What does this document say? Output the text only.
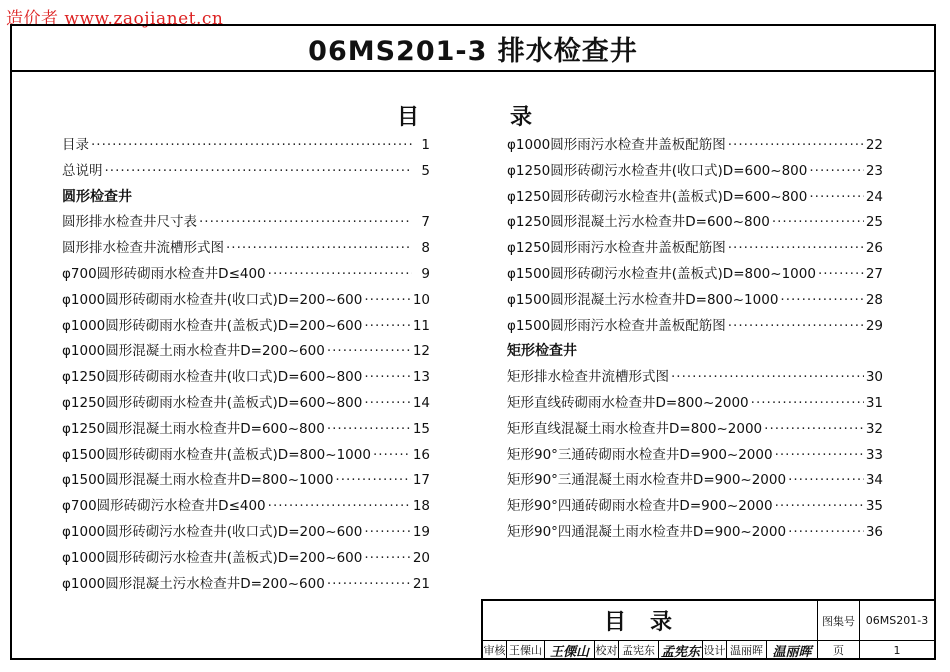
造价者 www.zaojianet.cn
06MS201-3 排水检查井
目	录
目录 ·····	1
总说明 ·····	5
圆形检查井
圆形排水检查井尺寸表 ·····	7
圆形排水检查井流槽形式图 ·····	8
φ700圆形砖砌雨水检查井D≤400 ·····	9
φ1000圆形砖砌雨水检查井(收口式)D=200~600 ·····	10
φ1000圆形砖砌雨水检查井(盖板式)D=200~600 ·····	11
φ1000圆形混凝土雨水检查井D=200~600 ·····	12
φ1250圆形砖砌雨水检查井(收口式)D=600~800 ·····	13
φ1250圆形砖砌雨水检查井(盖板式)D=600~800 ·····	14
φ1250圆形混凝土雨水检查井D=600~800 ·····	15
φ1500圆形砖砌雨水检查井(盖板式)D=800~1000 ·····	16
φ1500圆形混凝土雨水检查井D=800~1000 ·····	17
φ700圆形砖砌污水检查井D≤400 ·····	18
φ1000圆形砖砌污水检查井(收口式)D=200~600 ·····	19
φ1000圆形砖砌污水检查井(盖板式)D=200~600 ·····	20
φ1000圆形混凝土污水检查井D=200~600 ·····	21
φ1000圆形雨污水检查井盖板配筋图 ·····	22
φ1250圆形砖砌污水检查井(收口式)D=600~800 ·····	23
φ1250圆形砖砌污水检查井(盖板式)D=600~800 ·····	24
φ1250圆形混凝土污水检查井D=600~800 ·····	25
φ1250圆形雨污水检查井盖板配筋图 ·····	26
φ1500圆形砖砌污水检查井(盖板式)D=800~1000 ·····	27
φ1500圆形混凝土污水检查井D=800~1000 ·····	28
φ1500圆形雨污水检查井盖板配筋图 ·····	29
矩形检查井
矩形排水检查井流槽形式图 ·····	30
矩形直线砖砌雨水检查井D=800~2000 ·····	31
矩形直线混凝土雨水检查井D=800~2000 ·····	32
矩形90°三通砖砌雨水检查井D=900~2000 ·····	33
矩形90°三通混凝土雨水检查井D=900~2000 ·····	34
矩形90°四通砖砌雨水检查井D=900~2000 ·····	35
矩形90°四通混凝土雨水检查井D=900~2000 ·····	36
目录	图集号 06MS201-3
审核 王傈山 王傈山 校对 孟宪东 孟宪东 设计 温丽晖 温丽晖	页	1
